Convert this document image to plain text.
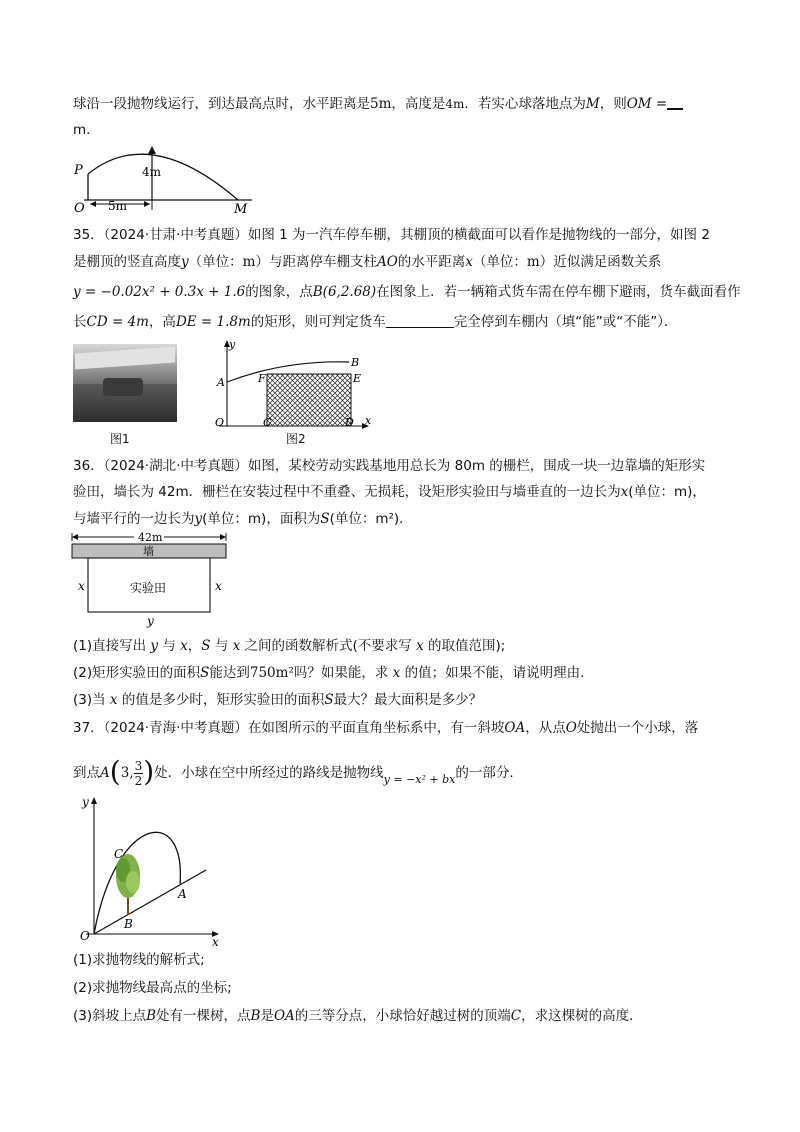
球沿一段抛物线运行，到达最高点时，水平距离是5m，高度是4m．若实心球落地点为M，则OM =
m．
P
O	M
4m
5m
35．（2024·甘肃·中考真题）如图 1 为一汽车停车棚，其棚顶的横截面可以看作是抛物线的一部分，如图 2
是棚顶的竖直高度y（单位：m）与距离停车棚支柱AO的水平距离x（单位：m）近似满足函数关系
y = −0.02x² + 0.3x + 1.6的图象，点B(6,2.68)在图象上．若一辆箱式货车需在停车棚下避雨，货车截面看作
长CD = 4m，高DE = 1.8m的矩形，则可判定货车	完全停到车棚内（填“能”或“不能”）．
图1
y
x
O
A
B
F	E
C	D
图2
36．（2024·湖北·中考真题）如图，某校劳动实践基地用总长为 80m 的栅栏，围成一块一边靠墙的矩形实
验田，墙长为 42m．栅栏在安装过程中不重叠、无损耗，设矩形实验田与墙垂直的一边长为x(单位：m)，
与墙平行的一边长为y(单位：m)，面积为S(单位：m²)．
42m
墙
实验田
x	x
y
(1)直接写出 y 与 x，S 与 x 之间的函数解析式(不要求写 x 的取值范围);
(2)矩形实验田的面积S能达到750m²吗？如果能，求 x 的值；如果不能，请说明理由．
(3)当 x 的值是多少时，矩形实验田的面积S最大？最大面积是多少？
37．（2024·青海·中考真题）在如图所示的平面直角坐标系中，有一斜坡OA，从点O处抛出一个小球，落
到点A(3, $\frac{3}{2}$ )处．小球在空中所经过的路线是抛物线$_{y = -x^2 + bx}$的一部分．
y
x
O
A
B
C
(1)求抛物线的解析式;
(2)求抛物线最高点的坐标;
(3)斜坡上点B处有一棵树，点B是OA的三等分点，小球恰好越过树的顶端C，求这棵树的高度．
